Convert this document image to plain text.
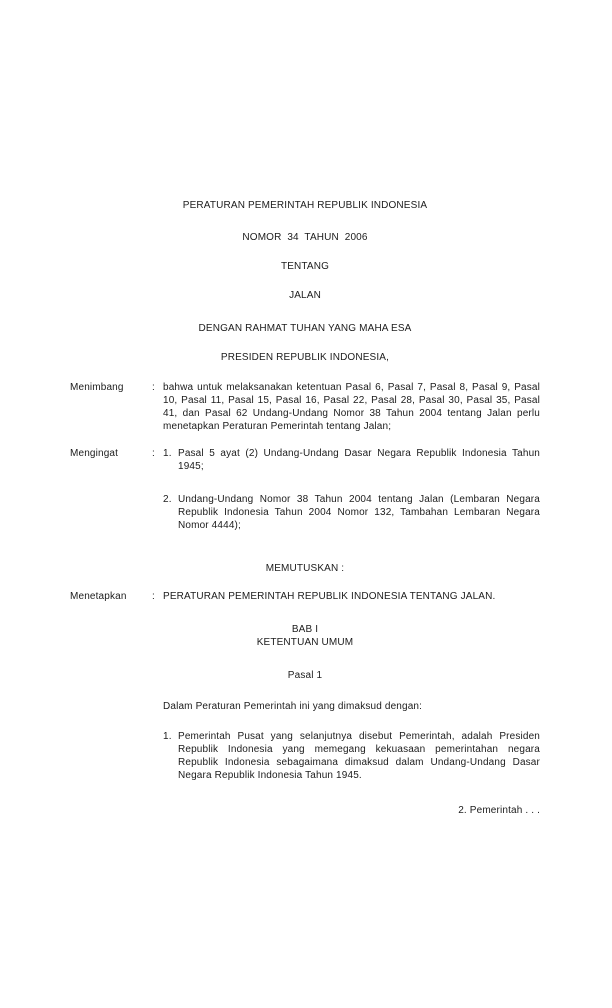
PERATURAN PEMERINTAH REPUBLIK INDONESIA
NOMOR  34  TAHUN  2006
TENTANG
JALAN
DENGAN RAHMAT TUHAN YANG MAHA ESA
PRESIDEN REPUBLIK INDONESIA,
Menimbang	: bahwa untuk melaksanakan ketentuan Pasal 6, Pasal 7, Pasal 8, Pasal 9, Pasal 10, Pasal 11, Pasal 15, Pasal 16, Pasal 22, Pasal 28, Pasal 30, Pasal 35, Pasal 41, dan Pasal 62 Undang-Undang Nomor 38 Tahun 2004 tentang Jalan perlu menetapkan Peraturan Pemerintah tentang Jalan;
Mengingat	: 1. Pasal 5 ayat (2) Undang-Undang Dasar Negara Republik Indonesia Tahun 1945;
2. Undang-Undang Nomor 38 Tahun 2004 tentang Jalan (Lembaran Negara Republik Indonesia Tahun 2004 Nomor 132, Tambahan Lembaran Negara Nomor 4444);
MEMUTUSKAN :
Menetapkan	: PERATURAN PEMERINTAH REPUBLIK INDONESIA TENTANG JALAN.
BAB I
KETENTUAN UMUM
Pasal 1
Dalam Peraturan Pemerintah ini yang dimaksud dengan:
1. Pemerintah Pusat yang selanjutnya disebut Pemerintah, adalah Presiden Republik Indonesia yang memegang kekuasaan pemerintahan negara Republik Indonesia sebagaimana dimaksud dalam Undang-Undang Dasar Negara Republik Indonesia Tahun 1945.
2. Pemerintah . . .
